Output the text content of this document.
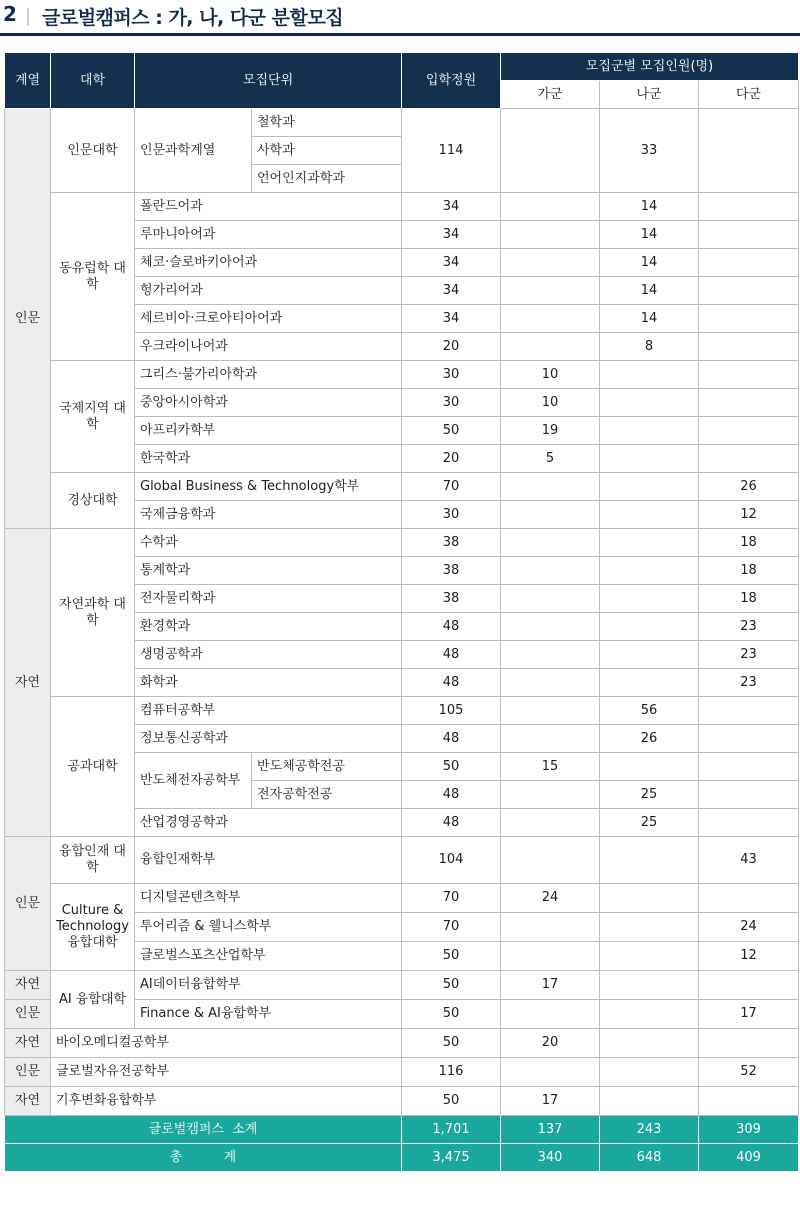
2 글로벌캠퍼스 : 가, 나, 다군 분할모집
계열	대학	모집단위		입학정원	모집군별 모집인원(명)		
					가군	나군	다군
인문	인문대학	인문과학계열	철학과	114		33	
			사학과				
			언어인지과학과				
	동유럽학 대학	폴란드어과		34		14	
		루마니아어과		34		14	
		체코·슬로바키아어과		34		14	
		헝가리어과		34		14	
		세르비아·크로아티아어과		34		14	
		우크라이나어과		20		8	
	국제지역 대학	그리스·불가리아학과		30	10		
		중앙아시아학과		30	10		
		아프리카학부		50	19		
		한국학과		20	5		
	경상대학	Global Business & Technology학부		70			26
		국제금융학과		30			12
자연	자연과학 대학	수학과		38			18
		통계학과		38			18
		전자물리학과		38			18
		환경학과		48			23
		생명공학과		48			23
		화학과		48			23
	공과대학	컴퓨터공학부		105		56	
		정보통신공학과		48		26	
		반도체전자공학부	반도체공학전공	50	15		
			전자공학전공	48		25	
		산업경영공학과		48		25	
인문	융합인재 대학	융합인재학부		104			43
	Culture & Technology 융합대학	디지털콘텐츠학부		70	24		
		투어리즘 & 웰니스학부		70			24
		글로벌스포츠산업학부		50			12
자연	AI 융합대학	AI데이터융합학부		50	17		
인문		Finance & AI융합학부		50			17
자연	바이오메디컬공학부			50	20		
인문	글로벌자유전공학부			116			52
자연	기후변화융합학부			50	17		
글로벌캠퍼스  소계				1,701	137	243	309
총          계				3,475	340	648	409
